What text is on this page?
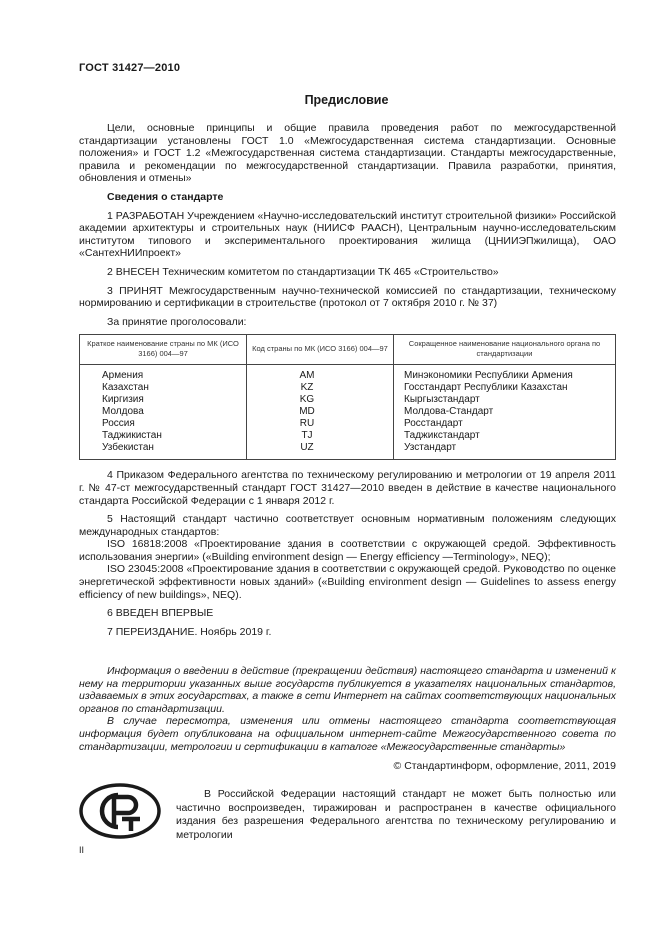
ГОСТ 31427—2010
Предисловие

Цели, основные принципы и общие правила проведения работ по межгосударственной стандартизации установлены ГОСТ 1.0 «Межгосударственная система стандартизации. Основные положения» и ГОСТ 1.2 «Межгосударственная система стандартизации. Стандарты межгосударственные, правила и рекомендации по межгосударственной стандартизации. Правила разработки, принятия, обновления и отмены»

Сведения о стандарте

1 РАЗРАБОТАН Учреждением «Научно-исследовательский институт строительной физики» Российской академии архитектуры и строительных наук (НИИСФ РААСН), Центральным научно-исследовательским институтом типового и экспериментального проектирования жилища (ЦНИИЭПжилища), ОАО «СантехНИИпроект»

2 ВНЕСЕН Техническим комитетом по стандартизации ТК 465 «Строительство»

3 ПРИНЯТ Межгосударственным научно-технической комиссией по стандартизации, техническому нормированию и сертификации в строительстве (протокол от 7 октября 2010 г. № 37)

За принятие проголосовали:

Краткое наименование страны по МК (ИСО 3166) 004—97	Код страны по МК (ИСО 3166) 004—97	Сокращенное наименование национального органа по стандартизации
Армения	AM	Минэкономики Республики Армения
Казахстан	KZ	Госстандарт Республики Казахстан
Киргизия	KG	Кыргызстандарт
Молдова	MD	Молдова-Стандарт
Россия	RU	Росстандарт
Таджикистан	TJ	Таджикстандарт
Узбекистан	UZ	Узстандарт

4 Приказом Федерального агентства по техническому регулированию и метрологии от 19 апреля 2011 г. № 47-ст межгосударственный стандарт ГОСТ 31427—2010 введен в действие в качестве национального стандарта Российской Федерации с 1 января 2012 г.

5 Настоящий стандарт частично соответствует основным нормативным положениям следующих международных стандартов:

ISO 16818:2008 «Проектирование здания в соответствии с окружающей средой. Эффективность использования энергии» («Building environment design — Energy efficiency —Terminology», NEQ);

ISO 23045:2008 «Проектирование здания в соответствии с окружающей средой. Руководство по оценке энергетической эффективности новых зданий» («Building environment design — Guidelines to assess energy efficiency of new buildings», NEQ).

6 ВВЕДЕН ВПЕРВЫЕ

7 ПЕРЕИЗДАНИЕ. Ноябрь 2019 г.

Информация о введении в действие (прекращении действия) настоящего стандарта и изменений к нему на территории указанных выше государств публикуется в указателях национальных стандартов, издаваемых в этих государствах, а также в сети Интернет на сайтах соответствующих национальных органов по стандартизации.

В случае пересмотра, изменения или отмены настоящего стандарта соответствующая информация будет опубликована на официальном интернет-сайте Межгосударственного совета по стандартизации, метрологии и сертификации в каталоге «Межгосударственные стандарты»

© Стандартинформ, оформление, 2011, 2019

В Российской Федерации настоящий стандарт не может быть полностью или частично воспроизведен, тиражирован и распространен в качестве официального издания без разрешения Федерального агентства по техническому регулированию и метрологии

II
